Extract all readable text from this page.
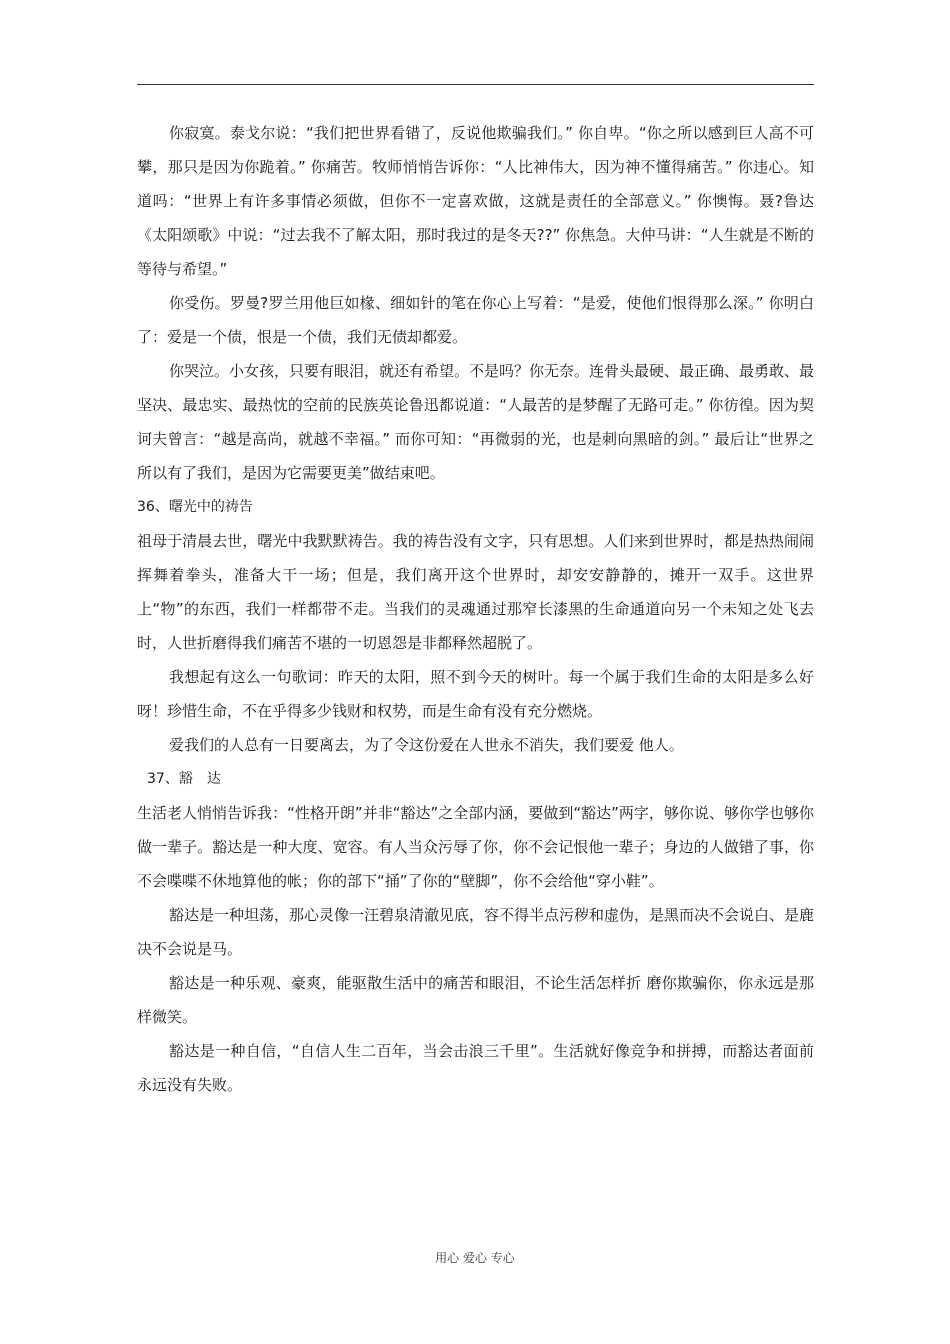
你寂寞。泰戈尔说：“我们把世界看错了，反说他欺骗我们。” 你自卑。“你之所以感到巨人高不可攀，那只是因为你跪着。” 你痛苦。牧师悄悄告诉你：“人比神伟大，因为神不懂得痛苦。” 你违心。知道吗：“世界上有许多事情必须做，但你不一定喜欢做，这就是责任的全部意义。” 你懊悔。聂?鲁达《太阳颂歌》中说：“过去我不了解太阳，那时我过的是冬天??” 你焦急。大仲马讲：“人生就是不断的等待与希望。”

你受伤。罗曼?罗兰用他巨如椽、细如针的笔在你心上写着：“是爱，使他们恨得那么深。” 你明白了：爱是一个债，恨是一个债，我们无债却都爱。

你哭泣。小女孩，只要有眼泪，就还有希望。不是吗？你无奈。连骨头最硬、最正确、最勇敢、最坚决、最忠实、最热忱的空前的民族英论鲁迅都说道：“人最苦的是梦醒了无路可走。” 你彷徨。因为契诃夫曾言：“越是高尚，就越不幸福。” 而你可知：“再微弱的光，也是刺向黑暗的剑。” 最后让“世界之所以有了我们，是因为它需要更美”做结束吧。

36、曙光中的祷告

祖母于清晨去世，曙光中我默默祷告。我的祷告没有文字，只有思想。人们来到世界时，都是热热闹闹挥舞着拳头，准备大干一场；但是，我们离开这个世界时，却安安静静的，摊开一双手。这世界上“物”的东西，我们一样都带不走。当我们的灵魂通过那窄长漆黑的生命通道向另一个未知之处飞去时，人世折磨得我们痛苦不堪的一切恩怨是非都释然超脱了。

我想起有这么一句歌词：昨天的太阳，照不到今天的树叶。每一个属于我们生命的太阳是多么好呀！珍惜生命，不在乎得多少钱财和权势，而是生命有没有充分燃烧。

爱我们的人总有一日要离去，为了令这份爱在人世永不消失，我们要爱 他人。

37、豁　达

生活老人悄悄告诉我：“性格开朗”并非“豁达”之全部内涵，要做到“豁达”两字，够你说、够你学也够你做一辈子。豁达是一种大度、宽容。有人当众污辱了你，你不会记恨他一辈子；身边的人做错了事，你不会喋喋不休地算他的帐；你的部下“捅”了你的“壁脚”，你不会给他“穿小鞋”。

豁达是一种坦荡，那心灵像一汪碧泉清澈见底，容不得半点污秽和虚伪，是黑而决不会说白、是鹿决不会说是马。

豁达是一种乐观、豪爽，能驱散生活中的痛苦和眼泪，不论生活怎样折 磨你欺骗你，你永远是那样微笑。

豁达是一种自信，“自信人生二百年，当会击浪三千里”。生活就好像竞争和拼搏，而豁达者面前永远没有失败。

用心 爱心 专心
